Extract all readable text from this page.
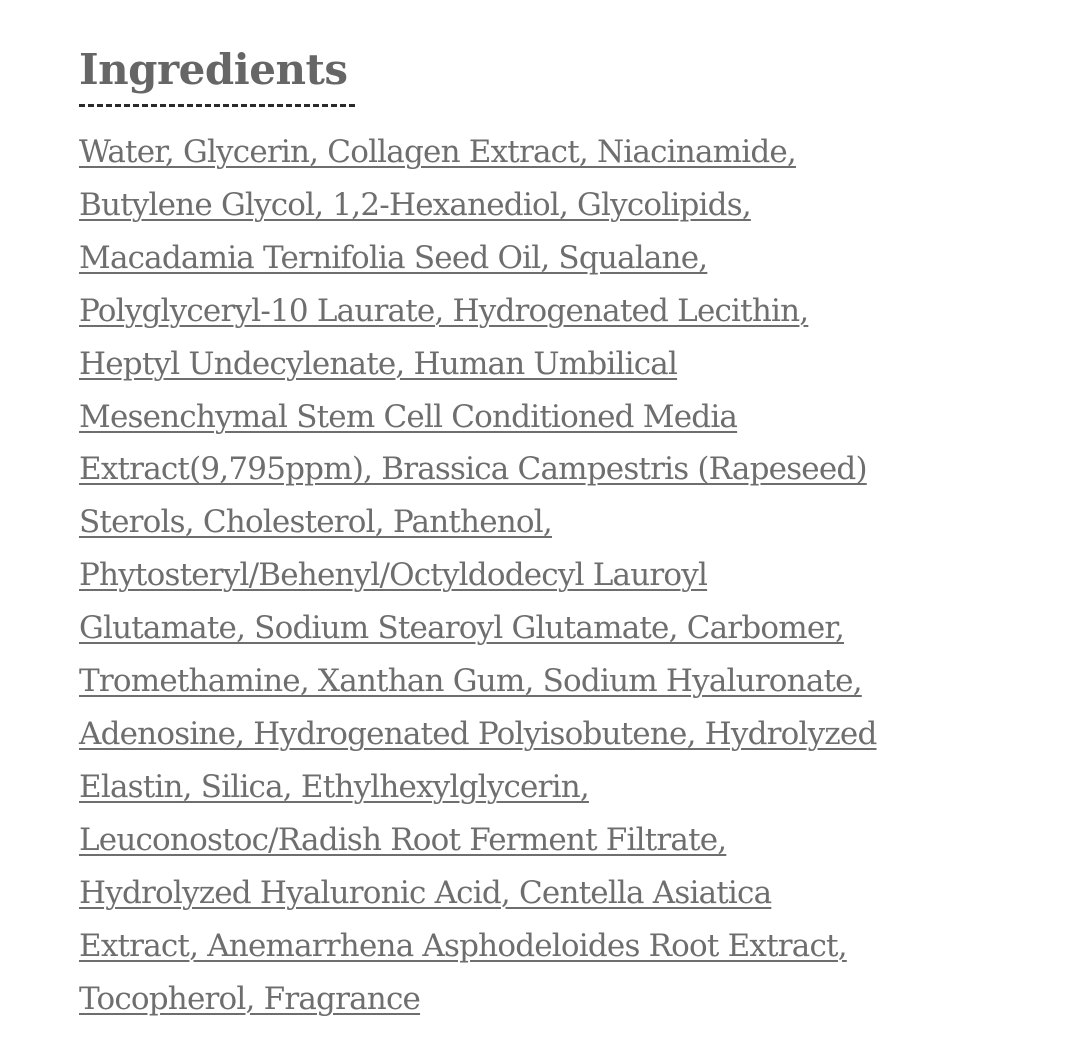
Ingredients
Water, Glycerin, Collagen Extract, Niacinamide,
Butylene Glycol, 1,2-Hexanediol, Glycolipids,
Macadamia Ternifolia Seed Oil, Squalane,
Polyglyceryl-10 Laurate, Hydrogenated Lecithin,
Heptyl Undecylenate, Human Umbilical
Mesenchymal Stem Cell Conditioned Media
Extract(9,795ppm), Brassica Campestris (Rapeseed)
Sterols, Cholesterol, Panthenol,
Phytosteryl/Behenyl/Octyldodecyl Lauroyl
Glutamate, Sodium Stearoyl Glutamate, Carbomer,
Tromethamine, Xanthan Gum, Sodium Hyaluronate,
Adenosine, Hydrogenated Polyisobutene, Hydrolyzed
Elastin, Silica, Ethylhexylglycerin,
Leuconostoc/Radish Root Ferment Filtrate,
Hydrolyzed Hyaluronic Acid, Centella Asiatica
Extract, Anemarrhena Asphodeloides Root Extract,
Tocopherol, Fragrance
